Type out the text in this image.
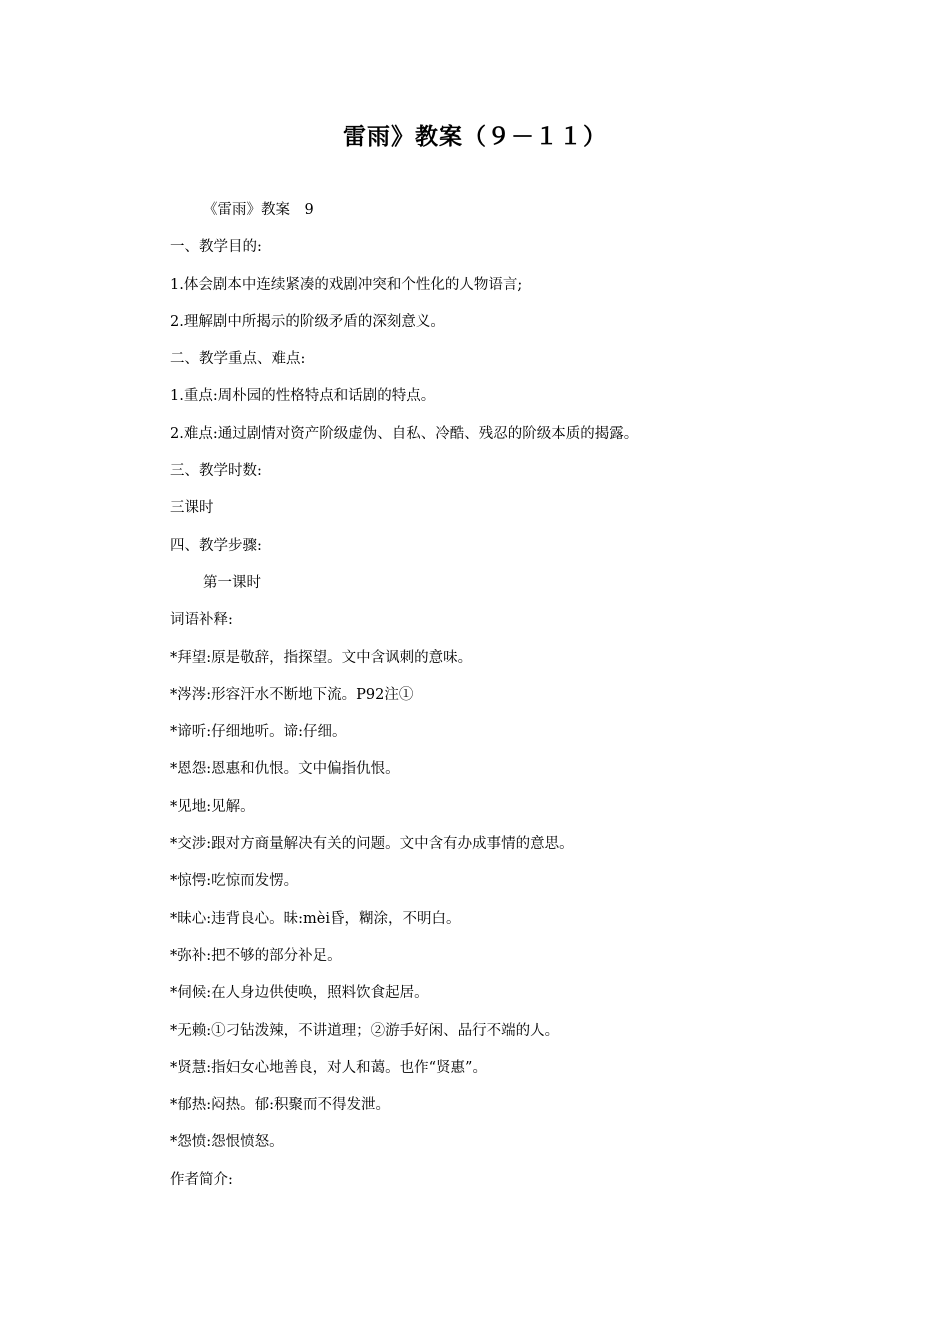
雷雨》教案（９－１１）
《雷雨》教案　9
一、教学目的:
1.体会剧本中连续紧凑的戏剧冲突和个性化的人物语言;
2.理解剧中所揭示的阶级矛盾的深刻意义。
二、教学重点、难点:
1.重点:周朴园的性格特点和话剧的特点。
2.难点:通过剧情对资产阶级虚伪、自私、冷酷、残忍的阶级本质的揭露。
三、教学时数:
三课时
四、教学步骤:
第一课时
词语补释:
*拜望:原是敬辞，指探望。文中含讽刺的意味。
*涔涔:形容汗水不断地下流。P92注①
*谛听:仔细地听。谛:仔细。
*恩怨:恩惠和仇恨。文中偏指仇恨。
*见地:见解。
*交涉:跟对方商量解决有关的问题。文中含有办成事情的意思。
*惊愕:吃惊而发愣。
*昧心:违背良心。昧:mèi昏，糊涂，不明白。
*弥补:把不够的部分补足。
*伺候:在人身边供使唤，照料饮食起居。
*无赖:①刁钻泼辣，不讲道理；②游手好闲、品行不端的人。
*贤慧:指妇女心地善良，对人和蔼。也作“贤惠”。
*郁热:闷热。郁:积聚而不得发泄。
*怨愤:怨恨愤怒。
作者简介:
